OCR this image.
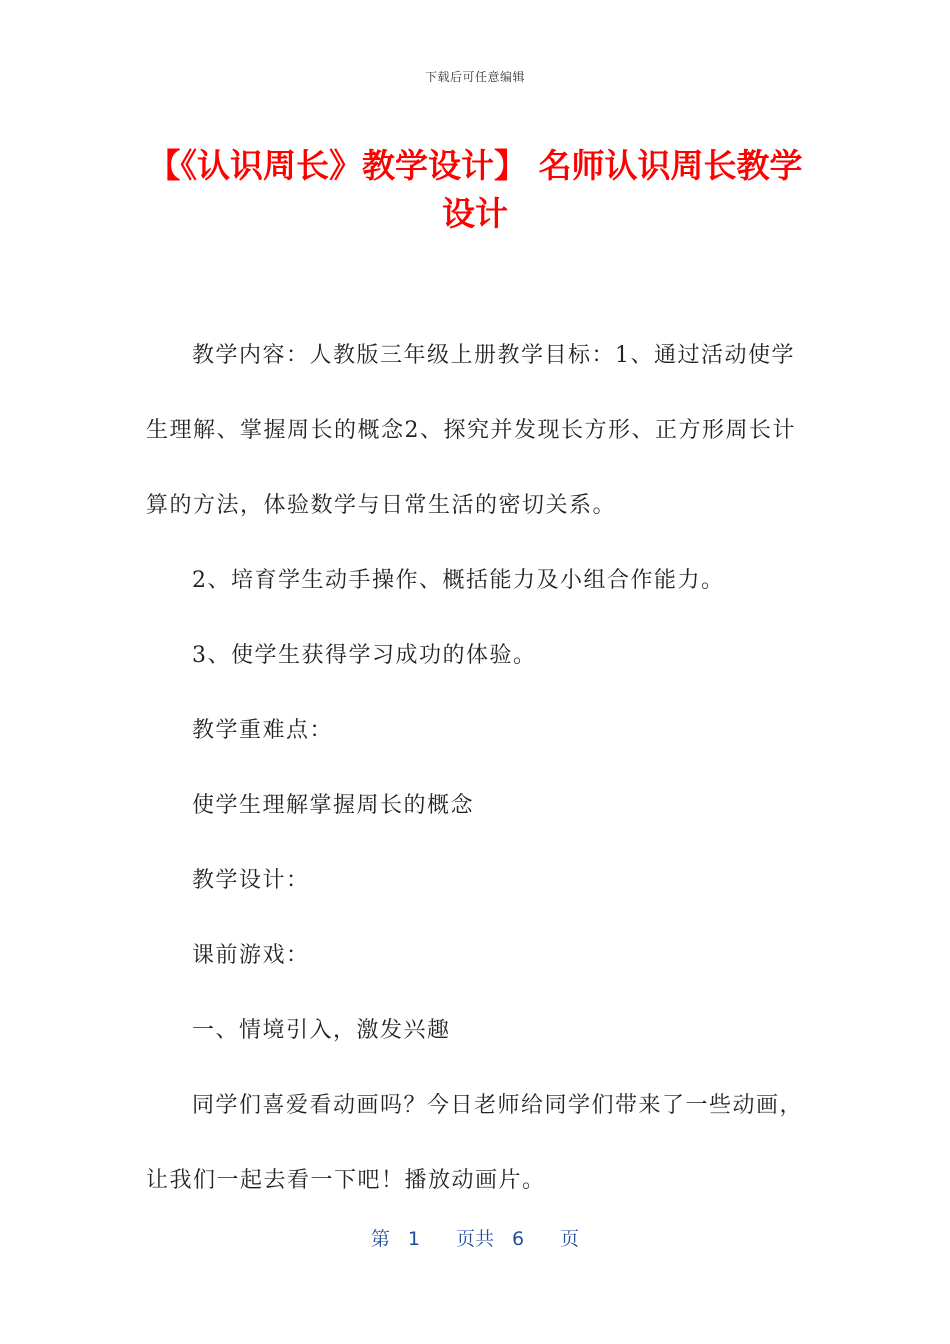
下载后可任意编辑
【《认识周长》教学设计】 名师认识周长教学设计

教学内容：人教版三年级上册教学目标：1、通过活动使学生理解、掌握周长的概念2、探究并发现长方形、正方形周长计算的方法，体验数学与日常生活的密切关系。

2、培育学生动手操作、概括能力及小组合作能力。

3、使学生获得学习成功的体验。

教学重难点：

使学生理解掌握周长的概念

教学设计：

课前游戏：

一、情境引入，激发兴趣

同学们喜爱看动画吗？今日老师给同学们带来了一些动画，让我们一起去看一下吧！播放动画片。

第 1 页共 6 页
